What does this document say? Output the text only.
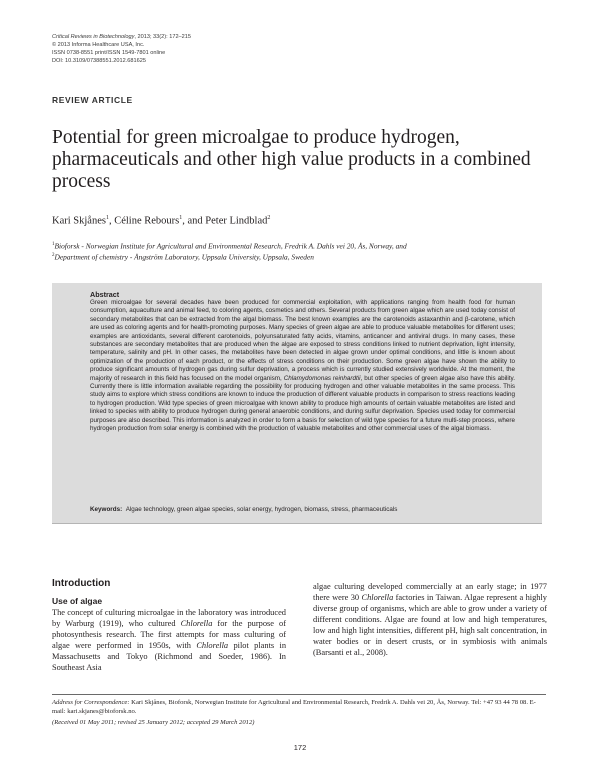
Critical Reviews in Biotechnology, 2013; 33(2): 172–215
© 2013 Informa Healthcare USA, Inc.
ISSN 0738-8551 print/ISSN 1549-7801 online
DOI: 10.3109/07388551.2012.681625
REVIEW ARTICLE
Potential for green microalgae to produce hydrogen, pharmaceuticals and other high value products in a combined process
Kari Skjånes$^1$, Céline Rebours$^1$, and Peter Lindblad$^2$
$^1$Bioforsk - Norwegian Institute for Agricultural and Environmental Research, Fredrik A. Dahls vei 20, Ås, Norway, and
$^2$Department of chemistry - Ångström Laboratory, Uppsala University, Uppsala, Sweden
Abstract
Green microalgae for several decades have been produced for commercial exploitation, with applications ranging from health food for human consumption, aquaculture and animal feed, to coloring agents, cosmetics and others. Several products from green algae which are used today consist of secondary metabolites that can be extracted from the algal biomass. The best known examples are the carotenoids astaxanthin and β-carotene, which are used as coloring agents and for health-promoting purposes. Many species of green algae are able to produce valuable metabolites for different uses; examples are antioxidants, several different carotenoids, polyunsaturated fatty acids, vitamins, anticancer and antiviral drugs. In many cases, these substances are secondary metabolites that are produced when the algae are exposed to stress conditions linked to nutrient deprivation, light intensity, temperature, salinity and pH. In other cases, the metabolites have been detected in algae grown under optimal conditions, and little is known about optimization of the production of each product, or the effects of stress conditions on their production. Some green algae have shown the ability to produce significant amounts of hydrogen gas during sulfur deprivation, a process which is currently studied extensively worldwide. At the moment, the majority of research in this field has focused on the model organism, Chlamydomonas reinhardtii, but other species of green algae also have this ability. Currently there is little information available regarding the possibility for producing hydrogen and other valuable metabolites in the same process. This study aims to explore which stress conditions are known to induce the production of different valuable products in comparison to stress reactions leading to hydrogen production. Wild type species of green microalgae with known ability to produce high amounts of certain valuable metabolites are listed and linked to species with ability to produce hydrogen during general anaerobic conditions, and during sulfur deprivation. Species used today for commercial purposes are also described. This information is analyzed in order to form a basis for selection of wild type species for a future multi-step process, where hydrogen production from solar energy is combined with the production of valuable metabolites and other commercial uses of the algal biomass.
Keywords: Algae technology, green algae species, solar energy, hydrogen, biomass, stress, pharmaceuticals
Introduction
Use of algae
The concept of culturing microalgae in the laboratory was introduced by Warburg (1919), who cultured Chlorella for the purpose of photosynthesis research. The first attempts for mass culturing of algae were performed in 1950s, with Chlorella pilot plants in Massachusetts and Tokyo (Richmond and Soeder, 1986). In Southeast Asia
algae culturing developed commercially at an early stage; in 1977 there were 30 Chlorella factories in Taiwan. Algae represent a highly diverse group of organisms, which are able to grow under a variety of different conditions. Algae are found at low and high temperatures, low and high light intensities, different pH, high salt concentration, in water bodies or in desert crusts, or in symbiosis with animals (Barsanti et al., 2008).
Address for Correspondence: Kari Skjånes, Bioforsk, Norwegian Institute for Agricultural and Environmental Research, Fredrik A. Dahls vei 20, Ås, Norway. Tel: +47 93 44 78 08. E-mail: kari.skjanes@bioforsk.no.
(Received 01 May 2011; revised 25 January 2012; accepted 29 March 2012)
172
